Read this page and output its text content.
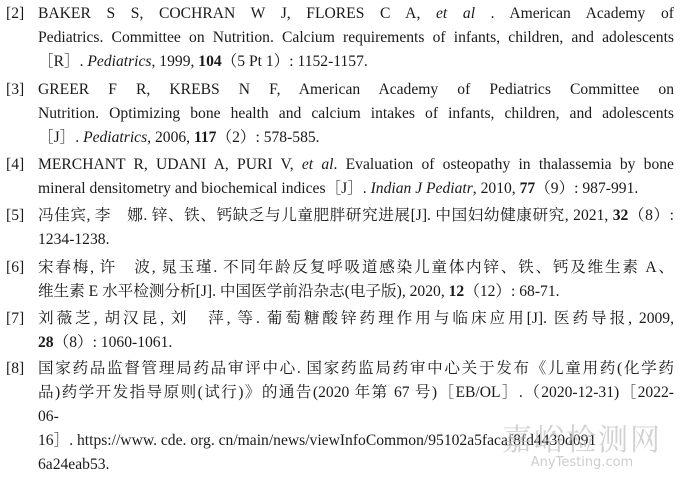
[2] BAKER S S, COCHRAN W J, FLORES C A, et al . American Academy of
Pediatrics. Committee on Nutrition. Calcium requirements of infants, children, and adolescents
［R］. Pediatrics, 1999, 104（5 Pt 1）: 1152-1157.
[3] GREER F R, KREBS N F, American Academy of Pediatrics Committee on
Nutrition. Optimizing bone health and calcium intakes of infants, children, and adolescents
［J］. Pediatrics, 2006, 117（2）: 578-585.
[4] MERCHANT R, UDANI A, PURI V, et al. Evaluation of osteopathy in thalassemia by bone
mineral densitometry and biochemical indices［J］. Indian J Pediatr, 2010, 77（9）: 987-991.
[5] 冯佳宾, 李　娜. 锌、铁、钙缺乏与儿童肥胖研究进展[J]. 中国妇幼健康研究, 2021, 32（8）:
1234-1238.
[6] 宋春梅, 许　波, 晁玉瑾. 不同年龄反复呼吸道感染儿童体内锌、铁、钙及维生素 A、
维生素 E 水平检测分析[J]. 中国医学前沿杂志(电子版), 2020, 12（12）: 68-71.
[7] 刘薇芝, 胡汉昆, 刘　萍, 等. 葡萄糖酸锌药理作用与临床应用[J]. 医药导报, 2009,
28（8）: 1060-1061.
[8] 国家药品监督管理局药品审评中心. 国家药监局药审中心关于发布《儿童用药(化学药
品)药学开发指导原则(试行)》的通告(2020 年第 67 号)［EB/OL］.（2020-12-31)［2022-
06-
16］. https://www. cde. org. cn/main/news/viewInfoCommon/95102a5facaf8fd4430d091
6a24eab53.
嘉峪检测网
AnyTesting.com
